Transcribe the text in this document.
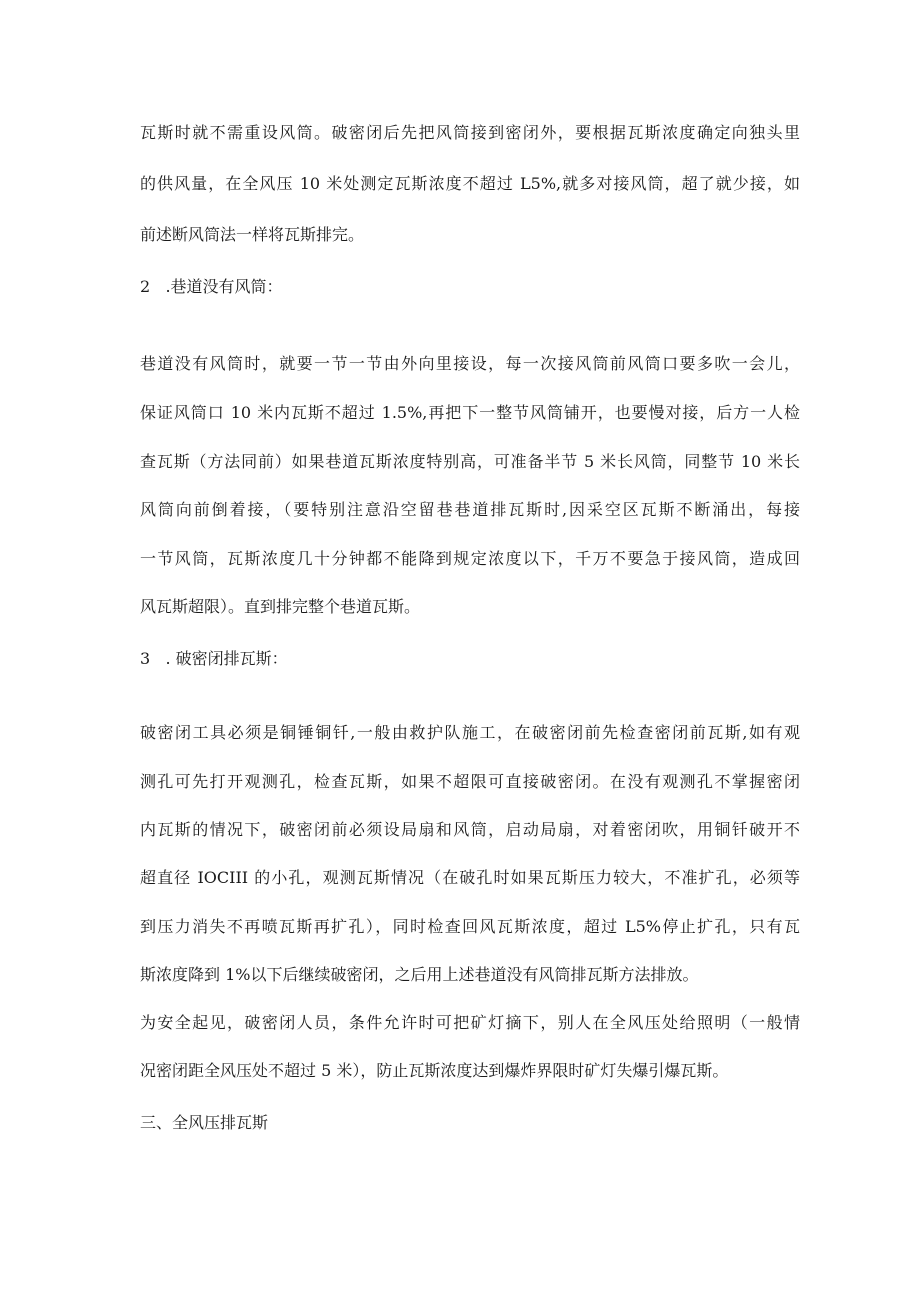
瓦斯时就不需重设风筒。破密闭后先把风筒接到密闭外，要根据瓦斯浓度确定向独头里
的供风量，在全风压 10 米处测定瓦斯浓度不超过 L5%,就多对接风筒，超了就少接，如
前述断风筒法一样将瓦斯排完。
2   .巷道没有风筒：
巷道没有风筒时，就要一节一节由外向里接设，每一次接风筒前风筒口要多吹一会儿，
保证风筒口 10 米内瓦斯不超过 1.5%,再把下一整节风筒铺开，也要慢对接，后方一人检
查瓦斯（方法同前）如果巷道瓦斯浓度特别高，可准备半节 5 米长风筒，同整节 10 米长
风筒向前倒着接，（要特别注意沿空留巷巷道排瓦斯时,因采空区瓦斯不断涌出，每接
一节风筒，瓦斯浓度几十分钟都不能降到规定浓度以下，千万不要急于接风筒，造成回
风瓦斯超限）。直到排完整个巷道瓦斯。
3   . 破密闭排瓦斯：
破密闭工具必须是铜锤铜钎,一般由救护队施工，在破密闭前先检查密闭前瓦斯,如有观
测孔可先打开观测孔，检查瓦斯，如果不超限可直接破密闭。在没有观测孔不掌握密闭
内瓦斯的情况下，破密闭前必须设局扇和风筒，启动局扇，对着密闭吹，用铜钎破开不
超直径 IOCIII 的小孔，观测瓦斯情况（在破孔时如果瓦斯压力较大，不准扩孔，必须等
到压力消失不再喷瓦斯再扩孔），同时检查回风瓦斯浓度，超过 L5%停止扩孔，只有瓦
斯浓度降到 1%以下后继续破密闭，之后用上述巷道没有风筒排瓦斯方法排放。
为安全起见，破密闭人员，条件允许时可把矿灯摘下，别人在全风压处给照明（一般情
况密闭距全风压处不超过 5 米），防止瓦斯浓度达到爆炸界限时矿灯失爆引爆瓦斯。
三、全风压排瓦斯
